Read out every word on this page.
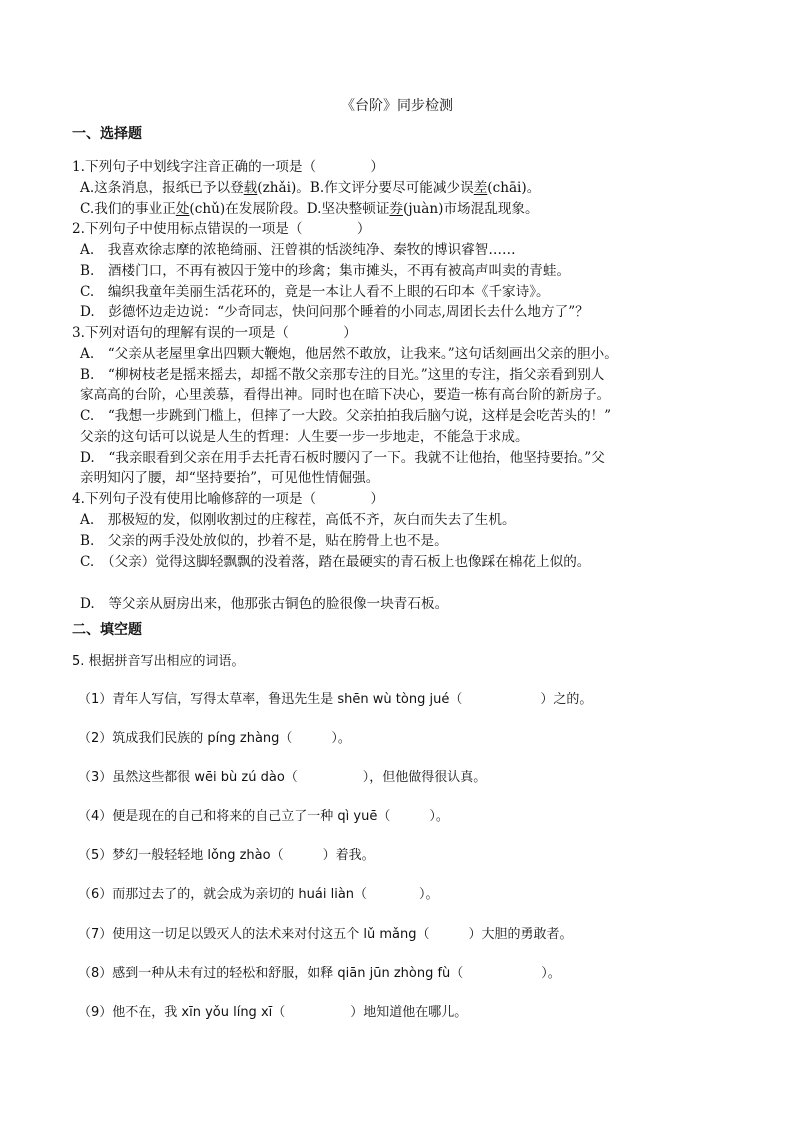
《台阶》同步检测
一、选择题
1.下列句子中划线字注音正确的一项是（　　　　）
A.这条消息，报纸已予以登载(zhǎi)。B.作文评分要尽可能减少误差(chāi)。
C.我们的事业正处(chǔ)在发展阶段。D.坚决整顿证券(juàn)市场混乱现象。
2.下列句子中使用标点错误的一项是（　　　　）
A.　我喜欢徐志摩的浓艳绮丽、汪曾祺的恬淡纯净、秦牧的博识睿智……
B.　酒楼门口，不再有被囚于笼中的珍禽；集市摊头，不再有被高声叫卖的青蛙。
C.　编织我童年美丽生活花环的，竟是一本让人看不上眼的石印本《千家诗》。
D.　彭德怀边走边说：“少奇同志，快问问那个睡着的小同志,周团长去什么地方了”？
3.下列对语句的理解有误的一项是（　　　　）
A.　“父亲从老屋里拿出四颗大鞭炮，他居然不敢放，让我来。”这句话刻画出父亲的胆小。
B.　“柳树枝老是摇来摇去，却摇不散父亲那专注的目光。”这里的专注，指父亲看到别人
家高高的台阶，心里羡慕，看得出神。同时也在暗下决心，要造一栋有高台阶的新房子。
C.　“我想一步跳到门槛上，但摔了一大跤。父亲拍拍我后脑勺说，这样是会吃苦头的！”
父亲的这句话可以说是人生的哲理：人生要一步一步地走，不能急于求成。
D.　“我亲眼看到父亲在用手去托青石板时腰闪了一下。我就不让他抬，他坚持要抬。”父
亲明知闪了腰，却“坚持要抬”，可见他性情倔强。
4.下列句子没有使用比喻修辞的一项是（　　　　）
A.　那极短的发，似刚收割过的庄稼茬，高低不齐，灰白而失去了生机。
B.　父亲的两手没处放似的，抄着不是，贴在胯骨上也不是。
C.　（父亲）觉得这脚轻飘飘的没着落，踏在最硬实的青石板上也像踩在棉花上似的。
D.　等父亲从厨房出来，他那张古铜色的脸很像一块青石板。
二、填空题
5. 根据拼音写出相应的词语。
（1）青年人写信，写得太草率，鲁迅先生是 shēn wù tòng jué（　　　　　　）之的。
（2）筑成我们民族的 píng zhàng（　　　）。
（3）虽然这些都很 wēi bù zú dào（　　　　　），但他做得很认真。
（4）便是现在的自己和将来的自己立了一种 qì yuē（　　　）。
（5）梦幻一般轻轻地 lǒng zhào（　　　）着我。
（6）而那过去了的，就会成为亲切的 huái liàn（　　　　）。
（7）使用这一切足以毁灭人的法术来对付这五个 lǔ mǎng（　　　）大胆的勇敢者。
（8）感到一种从未有过的轻松和舒服，如释 qiān jūn zhòng fù（　　　　　　）。
（9）他不在，我 xīn yǒu líng xī（　　　　　）地知道他在哪儿。
